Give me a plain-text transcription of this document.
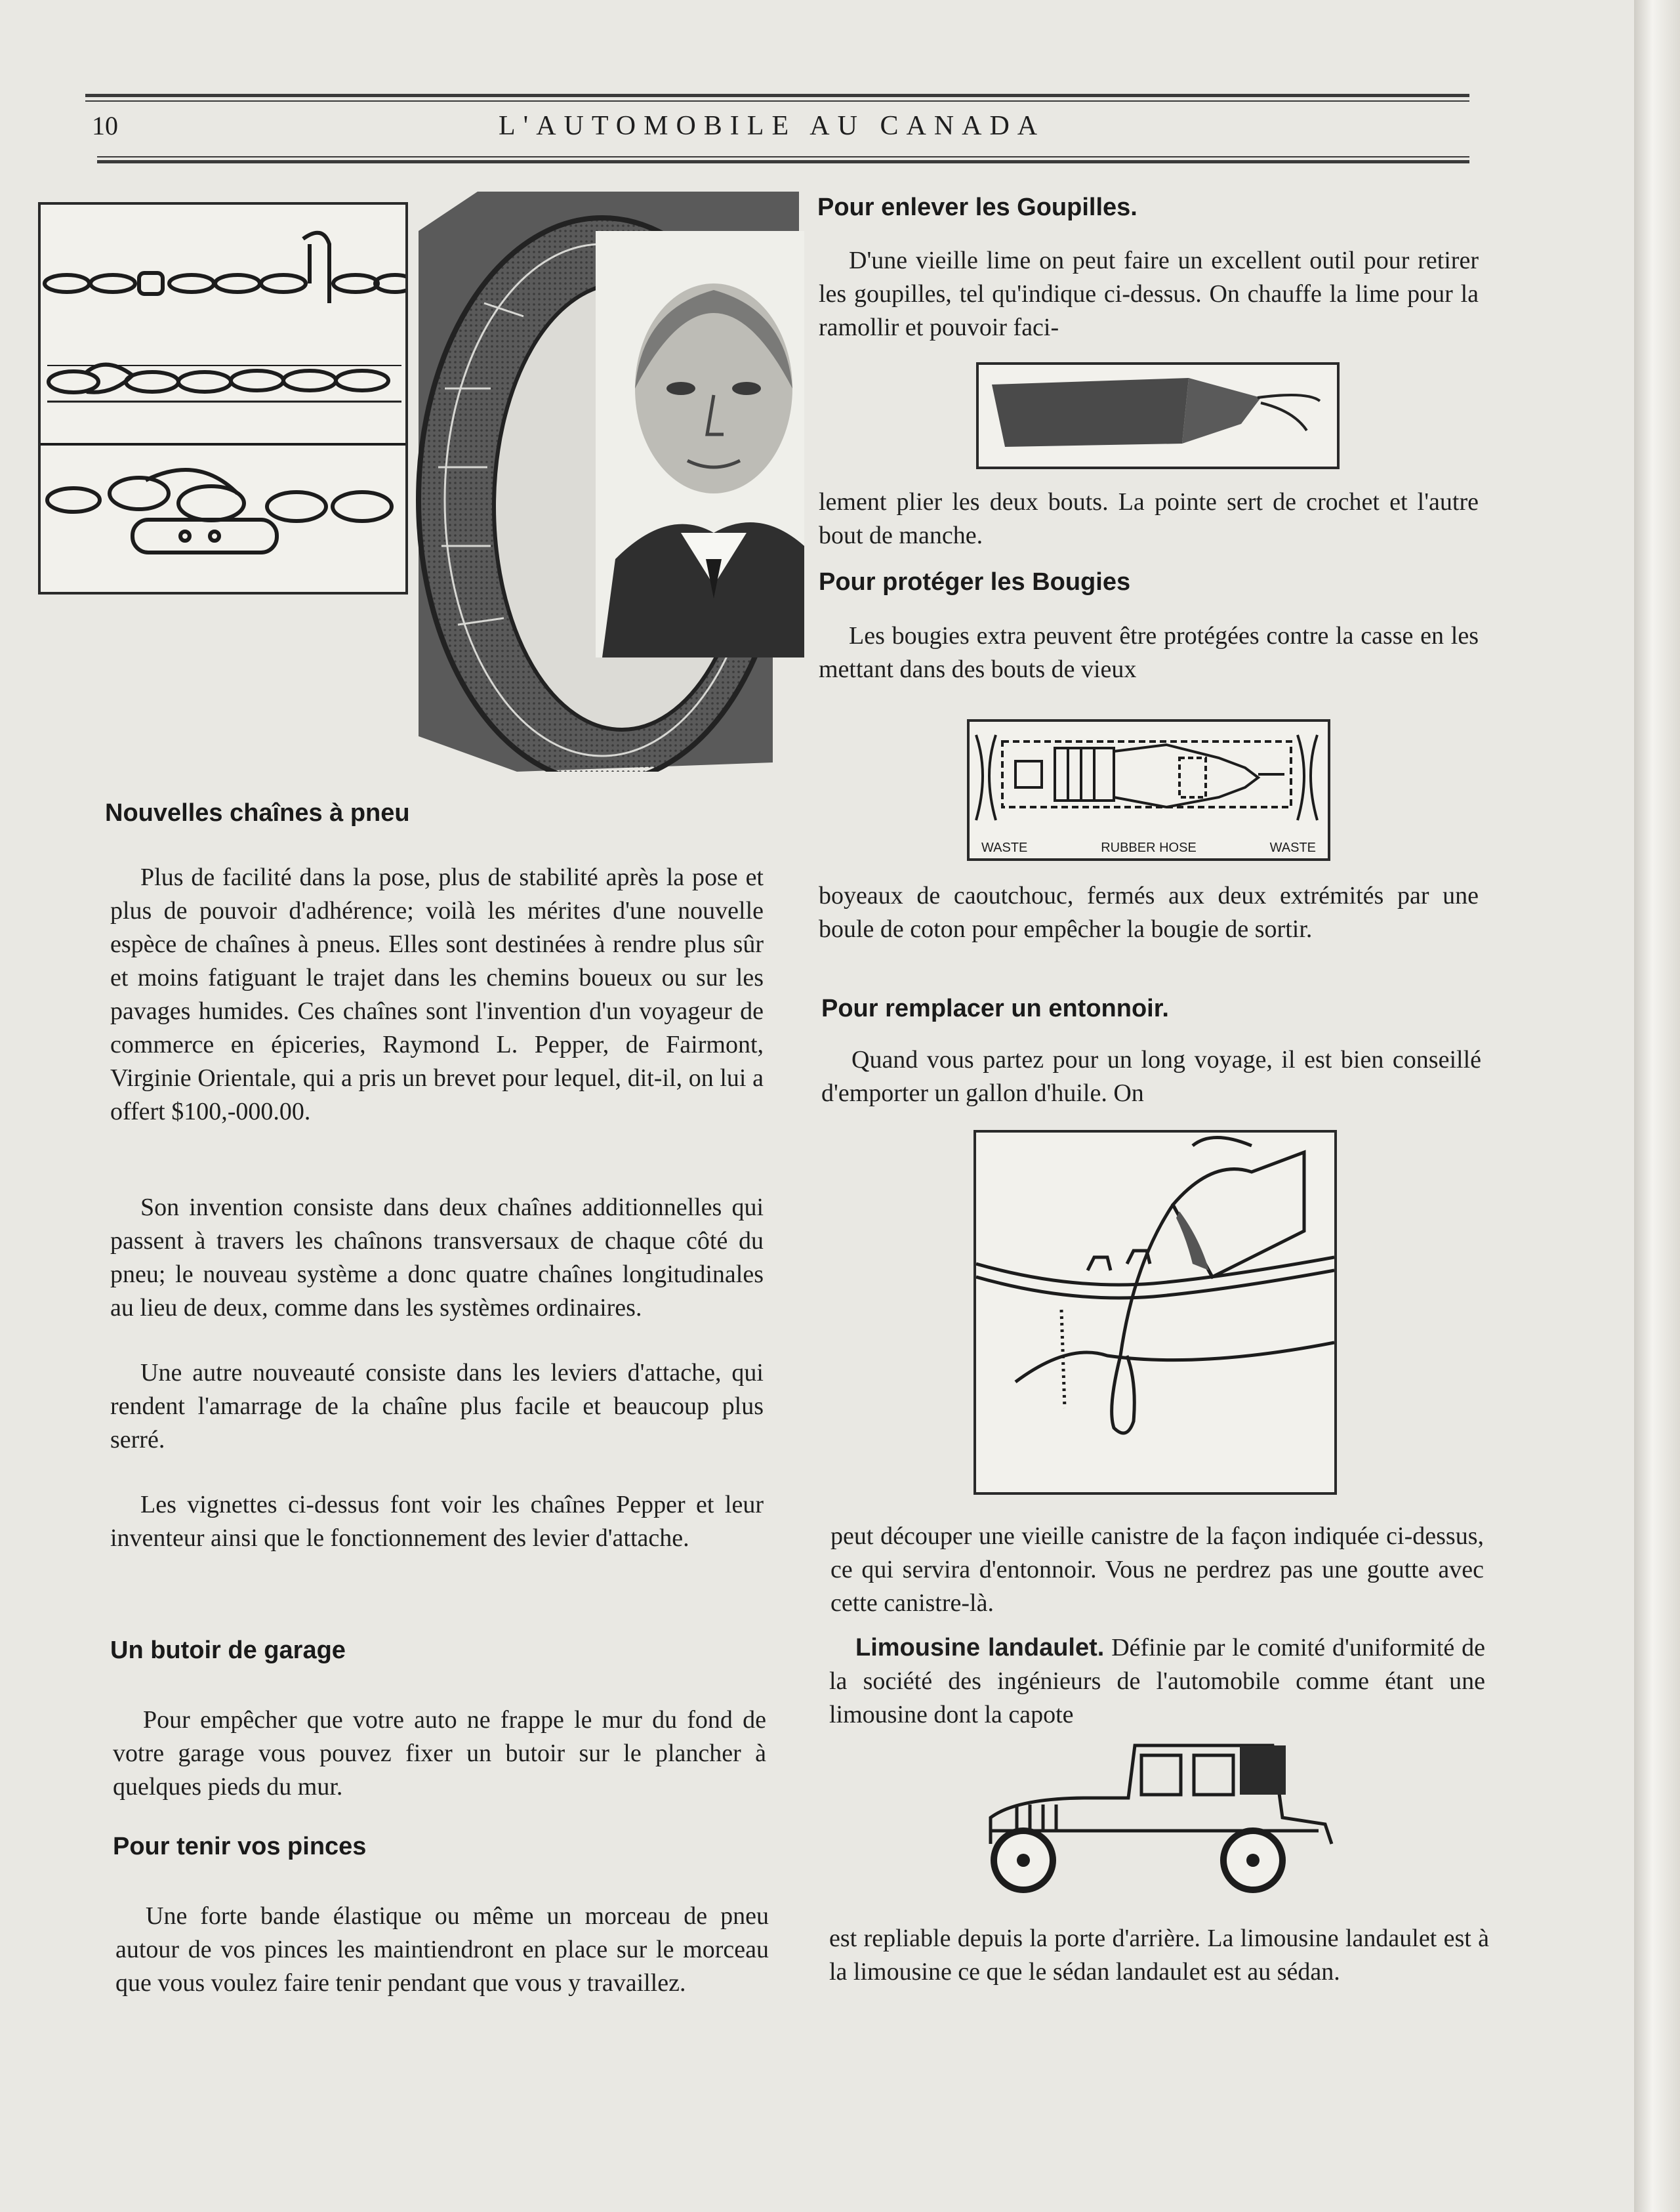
10	L'AUTOMOBILE AU CANADA
Nouvelles chaînes à pneu
Plus de facilité dans la pose, plus de stabilité après la pose et plus de pouvoir d'adhérence; voilà les mérites d'une nouvelle espèce de chaînes à pneus. Elles sont destinées à rendre plus sûr et moins fatiguant le trajet dans les chemins boueux ou sur les pavages humides. Ces chaînes sont l'invention d'un voyageur de commerce en épiceries, Raymond L. Pepper, de Fairmont, Virginie Orientale, qui a pris un brevet pour lequel, dit-il, on lui a offert $100,-000.00.
Son invention consiste dans deux chaînes additionnelles qui passent à travers les chaînons transversaux de chaque côté du pneu; le nouveau système a donc quatre chaînes longitudinales au lieu de deux, comme dans les systèmes ordinaires.
Une autre nouveauté consiste dans les leviers d'attache, qui rendent l'amarrage de la chaîne plus facile et beaucoup plus serré.
Les vignettes ci-dessus font voir les chaînes Pepper et leur inventeur ainsi que le fonctionnement des levier d'attache.
Un butoir de garage
Pour empêcher que votre auto ne frappe le mur du fond de votre garage vous pouvez fixer un butoir sur le plancher à quelques pieds du mur.
Pour tenir vos pinces
Une forte bande élastique ou même un morceau de pneu autour de vos pinces les maintiendront en place sur le morceau que vous voulez faire tenir pendant que vous y travaillez.
Pour enlever les Goupilles.
D'une vieille lime on peut faire un excellent outil pour retirer les goupilles, tel qu'indique ci-dessus. On chauffe la lime pour la ramollir et pouvoir faci-
lement plier les deux bouts. La pointe sert de crochet et l'autre bout de manche.
Pour protéger les Bougies
Les bougies extra peuvent être protégées contre la casse en les mettant dans des bouts de vieux
WASTE	RUBBER HOSE	WASTE
boyeaux de caoutchouc, fermés aux deux extrémités par une boule de coton pour empêcher la bougie de sortir.
Pour remplacer un entonnoir.
Quand vous partez pour un long voyage, il est bien conseillé d'emporter un gallon d'huile. On
peut découper une vieille canistre de la façon indiquée ci-dessus, ce qui servira d'entonnoir. Vous ne perdrez pas une goutte avec cette canistre-là.
Limousine landaulet. Définie par le comité d'uniformité de la société des ingénieurs de l'automobile comme étant une limousine dont la capote
est repliable depuis la porte d'arrière. La limousine landaulet est à la limousine ce que le sédan landaulet est au sédan.
